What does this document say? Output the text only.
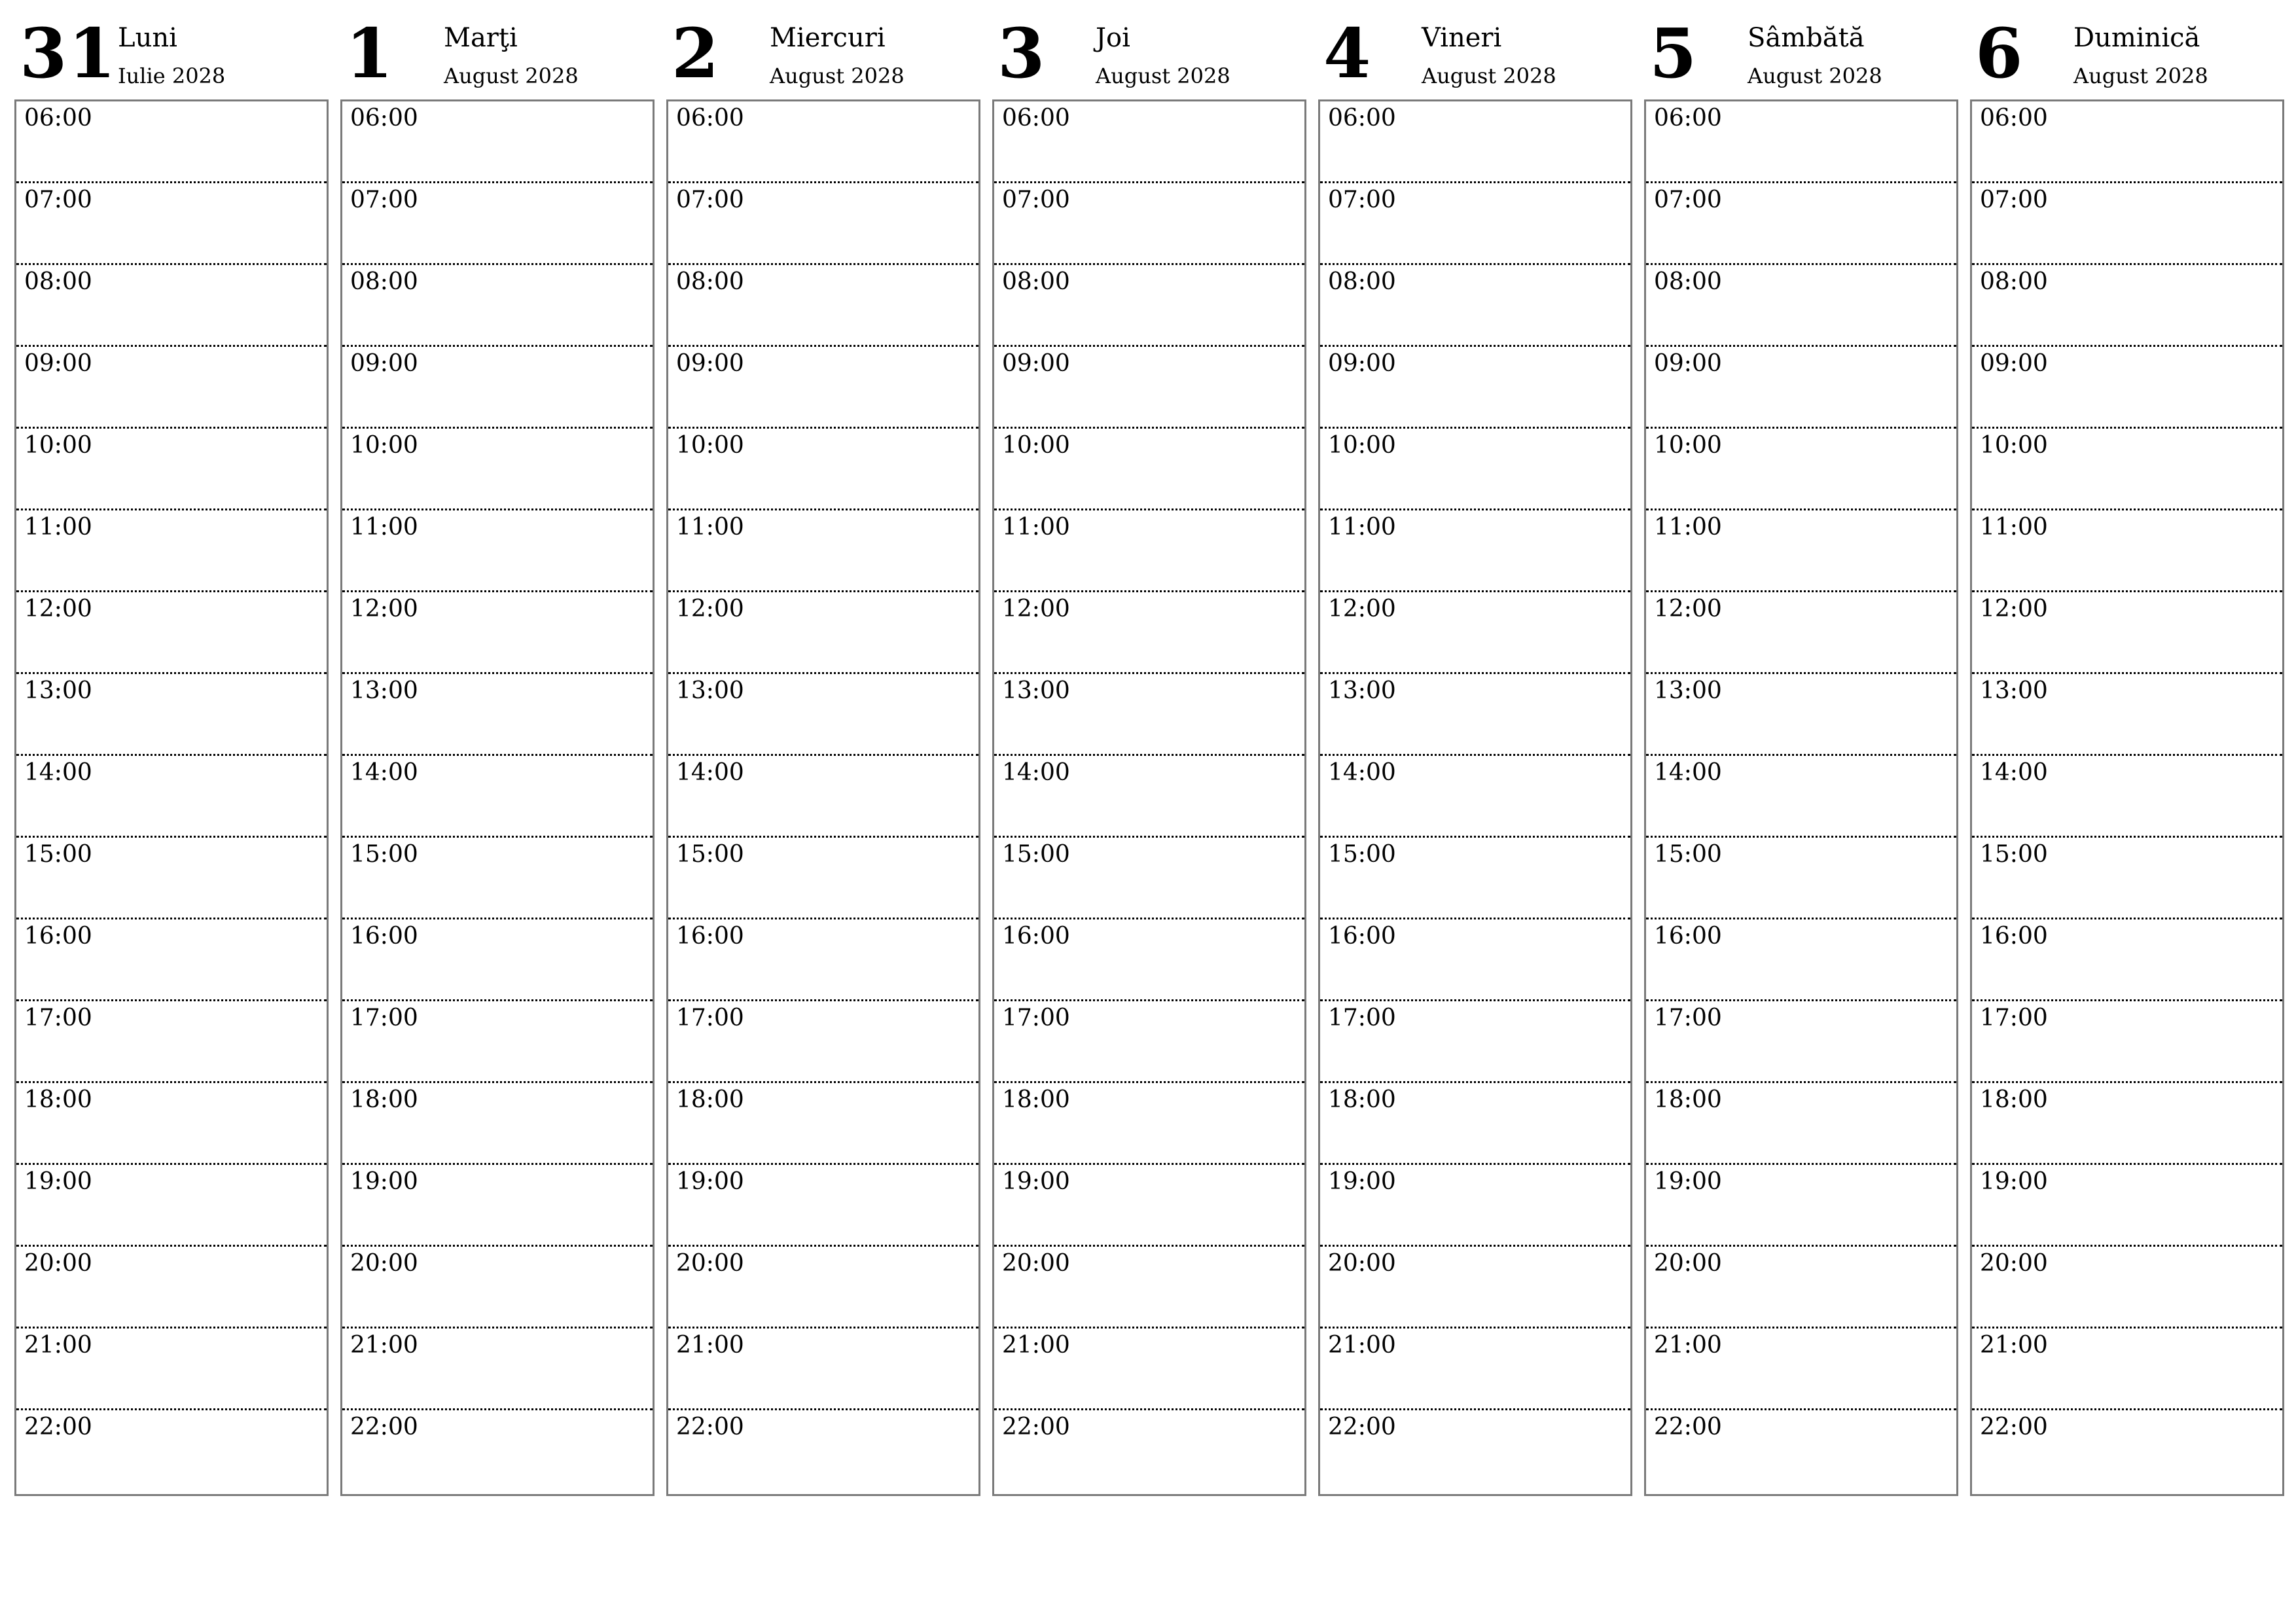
31 Luni
Iulie 2028
06:00
07:00
08:00
09:00
10:00
11:00
12:00
13:00
14:00
15:00
16:00
17:00
18:00
19:00
20:00
21:00
22:00
1 Marţi
August 2028
06:00
07:00
08:00
09:00
10:00
11:00
12:00
13:00
14:00
15:00
16:00
17:00
18:00
19:00
20:00
21:00
22:00
2 Miercuri
August 2028
06:00
07:00
08:00
09:00
10:00
11:00
12:00
13:00
14:00
15:00
16:00
17:00
18:00
19:00
20:00
21:00
22:00
3 Joi
August 2028
06:00
07:00
08:00
09:00
10:00
11:00
12:00
13:00
14:00
15:00
16:00
17:00
18:00
19:00
20:00
21:00
22:00
4 Vineri
August 2028
06:00
07:00
08:00
09:00
10:00
11:00
12:00
13:00
14:00
15:00
16:00
17:00
18:00
19:00
20:00
21:00
22:00
5 Sâmbătă
August 2028
06:00
07:00
08:00
09:00
10:00
11:00
12:00
13:00
14:00
15:00
16:00
17:00
18:00
19:00
20:00
21:00
22:00
6 Duminică
August 2028
06:00
07:00
08:00
09:00
10:00
11:00
12:00
13:00
14:00
15:00
16:00
17:00
18:00
19:00
20:00
21:00
22:00
